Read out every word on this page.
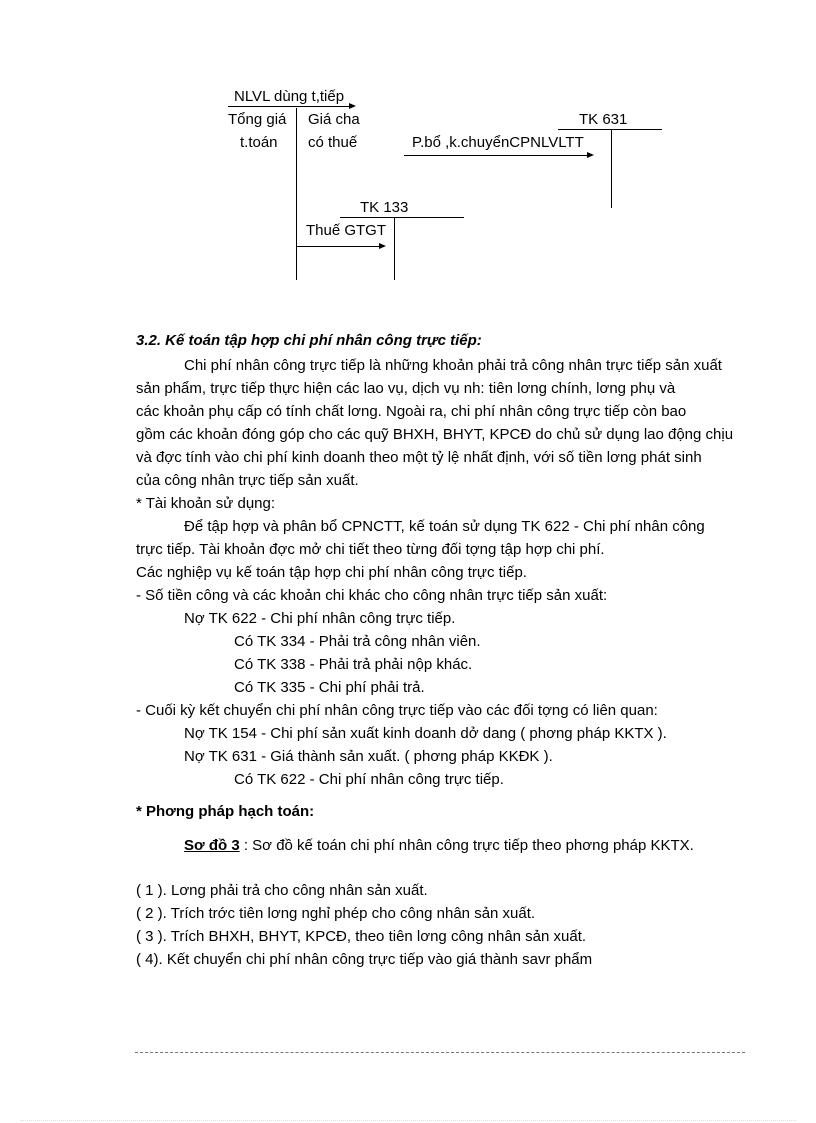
NLVL dùng t,tiếp
Tổng giá
t.toán
Giá cha
có thuế
TK 631
P.bổ ,k.chuyểnCPNLVLTT
TK 133
Thuế GTGT
3.2. Kế toán tập hợp chi phí nhân công trực tiếp:
Chi phí nhân công trực tiếp là những khoản phải trả công nhân trực tiếp sản xuất
sản phẩm, trực tiếp thực hiện các lao vụ, dịch vụ nh: tiên lơng chính, lơng phụ và
các khoản phụ cấp có tính chất lơng. Ngoài ra, chi phí nhân công trực tiếp còn bao
gồm các khoản đóng góp cho các quỹ BHXH, BHYT, KPCĐ do chủ sử dụng lao động chịu
và đợc tính vào chi phí kinh doanh theo một tỷ lệ nhất định, với số tiền lơng phát sinh
của công nhân trực tiếp sản xuất.
* Tài khoản sử dụng:
Để tập hợp và phân bổ CPNCTT, kế toán sử dụng TK 622 - Chi phí nhân công
trực tiếp. Tài khoản đợc mở chi tiết theo từng đối tợng tập hợp chi phí.
Các nghiệp vụ kế toán tập hợp chi phí nhân công trực tiếp.
- Số tiền công và các khoản chi khác cho công nhân trực tiếp sản xuất:
Nợ TK 622 - Chi phí nhân công trực tiếp.
Có TK 334 - Phải trả công nhân viên.
Có TK 338 - Phải trả phải nộp khác.
Có TK 335 - Chi phí phải trả.
- Cuối kỳ kết chuyển chi phí nhân công trực tiếp vào các đối tợng có liên quan:
Nợ TK 154 - Chi phí sản xuất kinh doanh dở dang ( phơng pháp KKTX ).
Nợ TK 631 - Giá thành sản xuất. ( phơng pháp KKĐK ).
Có TK 622 - Chi phí nhân công trực tiếp.
* Phơng pháp hạch toán:
Sơ đồ 3 : Sơ đồ kế toán chi phí nhân công trực tiếp theo phơng pháp KKTX.
( 1 ). Lơng phải trả cho công nhân sản xuất.
( 2 ). Trích trớc tiên lơng nghỉ phép cho công nhân sản xuất.
( 3 ). Trích BHXH, BHYT, KPCĐ, theo tiên lơng công nhân sản xuất.
( 4). Kết chuyển chi phí nhân công trực tiếp vào giá thành savr phẩm
